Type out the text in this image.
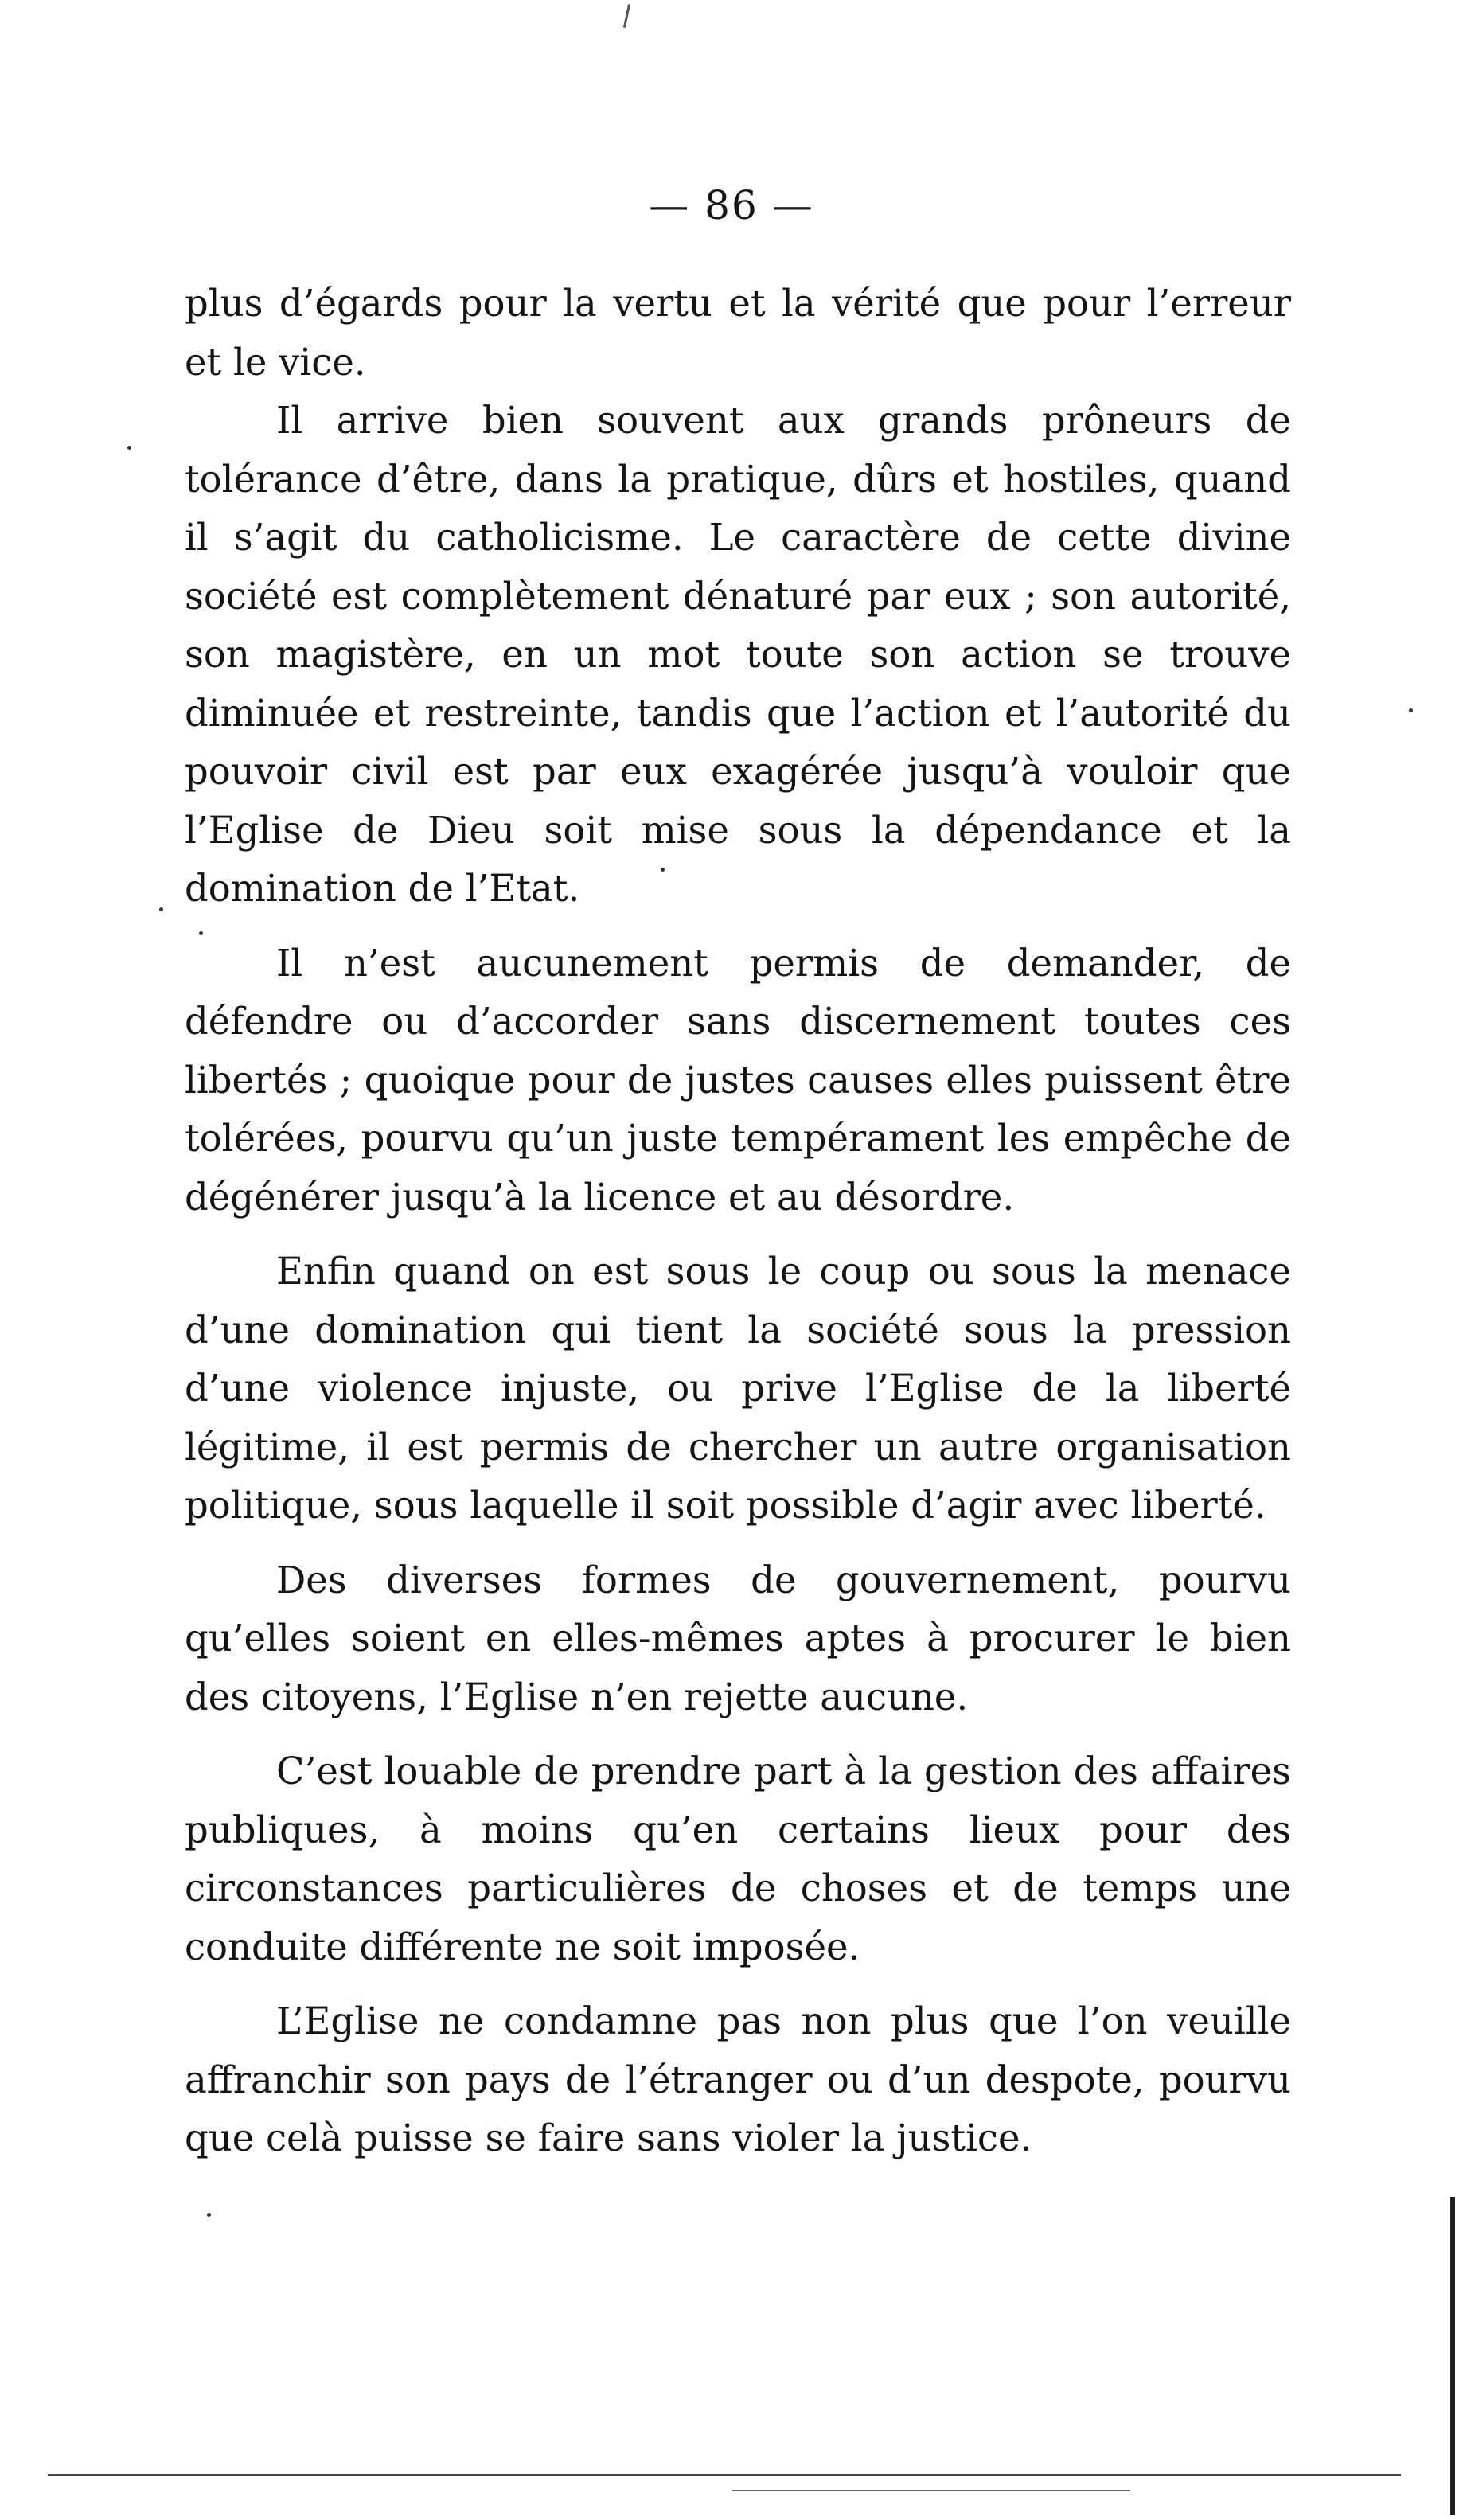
— 86 —

plus d’égards pour la vertu et la vérité que pour l’erreur et le vice.

Il arrive bien souvent aux grands prôneurs de tolérance d’être, dans la pratique, dûrs et hostiles, quand il s’agit du catholicisme. Le caractère de cette divine société est complètement dénaturé par eux ; son autorité, son magistère, en un mot toute son action se trouve diminuée et restreinte, tandis que l’action et l’autorité du pouvoir civil est par eux exagérée jusqu’à vouloir que l’Eglise de Dieu soit mise sous la dépendance et la domination de l’Etat.

Il n’est aucunement permis de demander, de défendre ou d’accorder sans discernement toutes ces libertés ; quoique pour de justes causes elles puissent être tolérées, pourvu qu’un juste tempérament les empêche de dégénérer jusqu’à la licence et au désordre.

Enfin quand on est sous le coup ou sous la menace d’une domination qui tient la société sous la pression d’une violence injuste, ou prive l’Eglise de la liberté légitime, il est permis de chercher un autre organisation politique, sous laquelle il soit possible d’agir avec liberté.

Des diverses formes de gouvernement, pourvu qu’elles soient en elles-mêmes aptes à procurer le bien des citoyens, l’Eglise n’en rejette aucune.

C’est louable de prendre part à la gestion des affaires publiques, à moins qu’en certains lieux pour des circonstances particulières de choses et de temps une conduite différente ne soit imposée.

L’Eglise ne condamne pas non plus que l’on veuille affranchir son pays de l’étranger ou d’un despote, pourvu que celà puisse se faire sans violer la justice.
